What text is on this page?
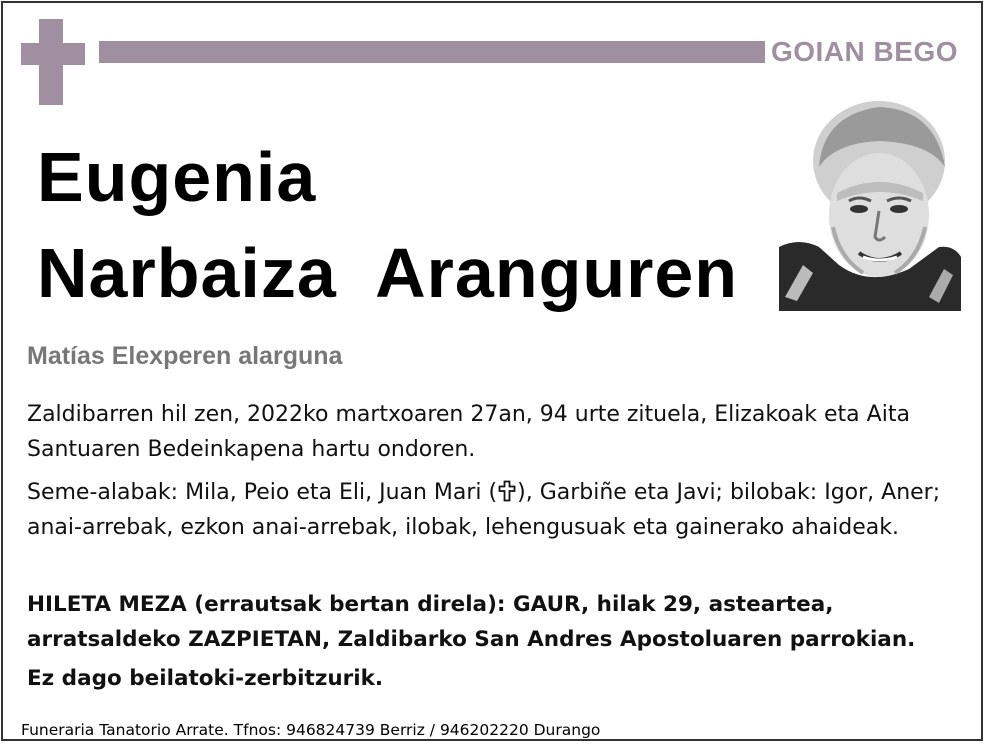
GOIAN BEGO
Eugenia
Narbaiza  Aranguren
Matías Elexperen alarguna
Zaldibarren hil zen, 2022ko martxoaren 27an, 94 urte zituela, Elizakoak eta Aita Santuaren Bedeinkapena hartu ondoren.
Seme-alabak: Mila, Peio eta Eli, Juan Mari ( ), Garbiñe eta Javi; bilobak: Igor, Aner; anai-arrebak, ezkon anai-arrebak, ilobak, lehengusuak eta gainerako ahaideak.
HILETA MEZA (errautsak bertan direla): GAUR, hilak 29, asteartea, arratsaldeko ZAZPIETAN, Zaldibarko San Andres Apostoluaren parrokian.
Ez dago beilatoki-zerbitzurik.
Funeraria Tanatorio Arrate. Tfnos: 946824739 Berriz / 946202220 Durango
